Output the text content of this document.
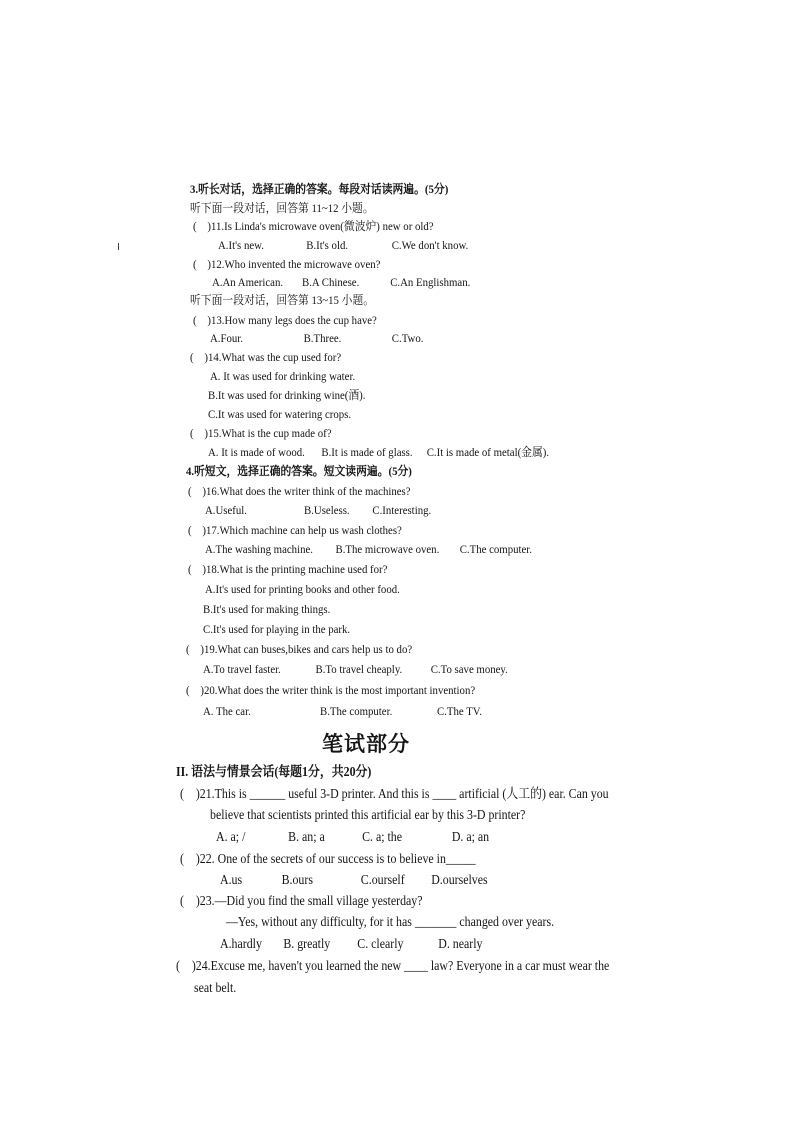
3.听长对话，选择正确的答案。每段对话读两遍。(5分)
听下面一段对话，回答第 11~12 小题。
(　)11.Is Linda's microwave oven(微波炉) new or old?
A.It's new.	B.It's old.	C.We don't know.
(　)12.Who invented the microwave oven?
A.An American. B.A Chinese.	C.An Englishman.
听下面一段对话，回答第 13~15 小题。
(　)13.How many legs does the cup have?
A.Four.	B.Three.	C.Two.
(　)14.What was the cup used for?
A. It was used for drinking water.
B.It was used for drinking wine(酒).
C.It was used for watering crops.
(　)15.What is the cup made of?
A. It is made of wood. B.It is made of glass. C.It is made of metal(金属).
4.听短文，选择正确的答案。短文读两遍。(5分)
(　)16.What does the writer think of the machines?
A.Useful.	B.Useless. C.Interesting.
(　)17.Which machine can help us wash clothes?
A.The washing machine. B.The microwave oven. C.The computer.
(　)18.What is the printing machine used for?
A.It's used for printing books and other food.
B.It's used for making things.
C.It's used for playing in the park.
(　)19.What can buses,bikes and cars help us to do?
A.To travel faster.	B.To travel cheaply. C.To save money.
(　)20.What does the writer think is the most important invention?
A. The car.	B.The computer.	C.The TV.
笔试部分
II. 语法与情景会话(每题1分，共20分)
(　)21.This is ______ useful 3-D printer. And this is ____ artificial (人工的) ear. Can you
believe that scientists printed this artificial ear by this 3-D printer?
A. a; /	B. an; a	C. a; the	D. a; an
(　)22. One of the secrets of our success is to believe in_____
A.us	B.ours	C.ourself D.ourselves
(　)23.—Did you find the small village yesterday?
—Yes, without any difficulty, for it has _______ changed over years.
A.hardly B. greatly C. clearly	D. nearly
(　)24.Excuse me, haven't you learned the new ____ law? Everyone in a car must wear the
seat belt.
